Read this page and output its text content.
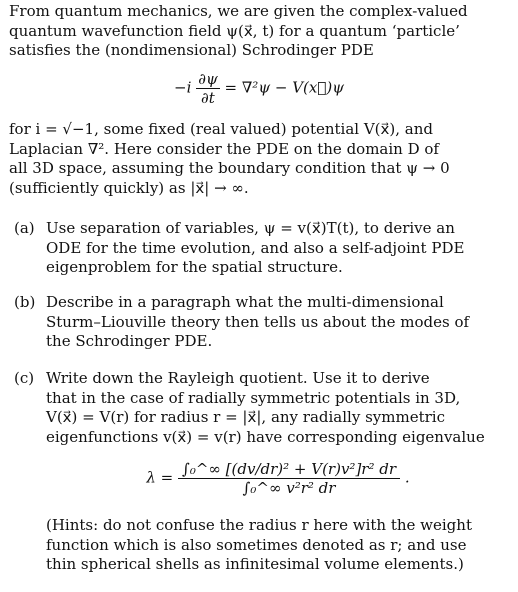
From quantum mechanics, we are given the complex-valued
quantum wavefunction field ψ(x⃗, t) for a quantum ‘particle’
satisfies the (nondimensional) Schrodinger PDE
$-i \frac{\partial\psi}{\partial t} = \nabla^2\psi$ − V(x⃗)ψ
for i = √−1, some fixed (real valued) potential V(x⃗), and
Laplacian ∇². Here consider the PDE on the domain D of
all 3D space, assuming the boundary condition that ψ → 0
(sufficiently quickly) as |x⃗| → ∞.
(a) Use separation of variables, ψ = v(x⃗)T(t), to derive an
ODE for the time evolution, and also a self-adjoint PDE
eigenproblem for the spatial structure.
(b) Describe in a paragraph what the multi-dimensional
Sturm–Liouville theory then tells us about the modes of
the Schrodinger PDE.
(c) Write down the Rayleigh quotient. Use it to derive
that in the case of radially symmetric potentials in 3D,
V(x⃗) = V(r) for radius r = |x⃗|, any radially symmetric
eigenfunctions v(x⃗) = v(r) have corresponding eigenvalue
$\lambda = \frac{\text{∫₀\textasciicircum{}∞ [(dv/dr)² + V(r)v²]r² dr}}{\text{∫₀\textasciicircum{}∞ v²r² dr}}$ .
(Hints: do not confuse the radius r here with the weight
function which is also sometimes denoted as r; and use
thin spherical shells as infinitesimal volume elements.)
